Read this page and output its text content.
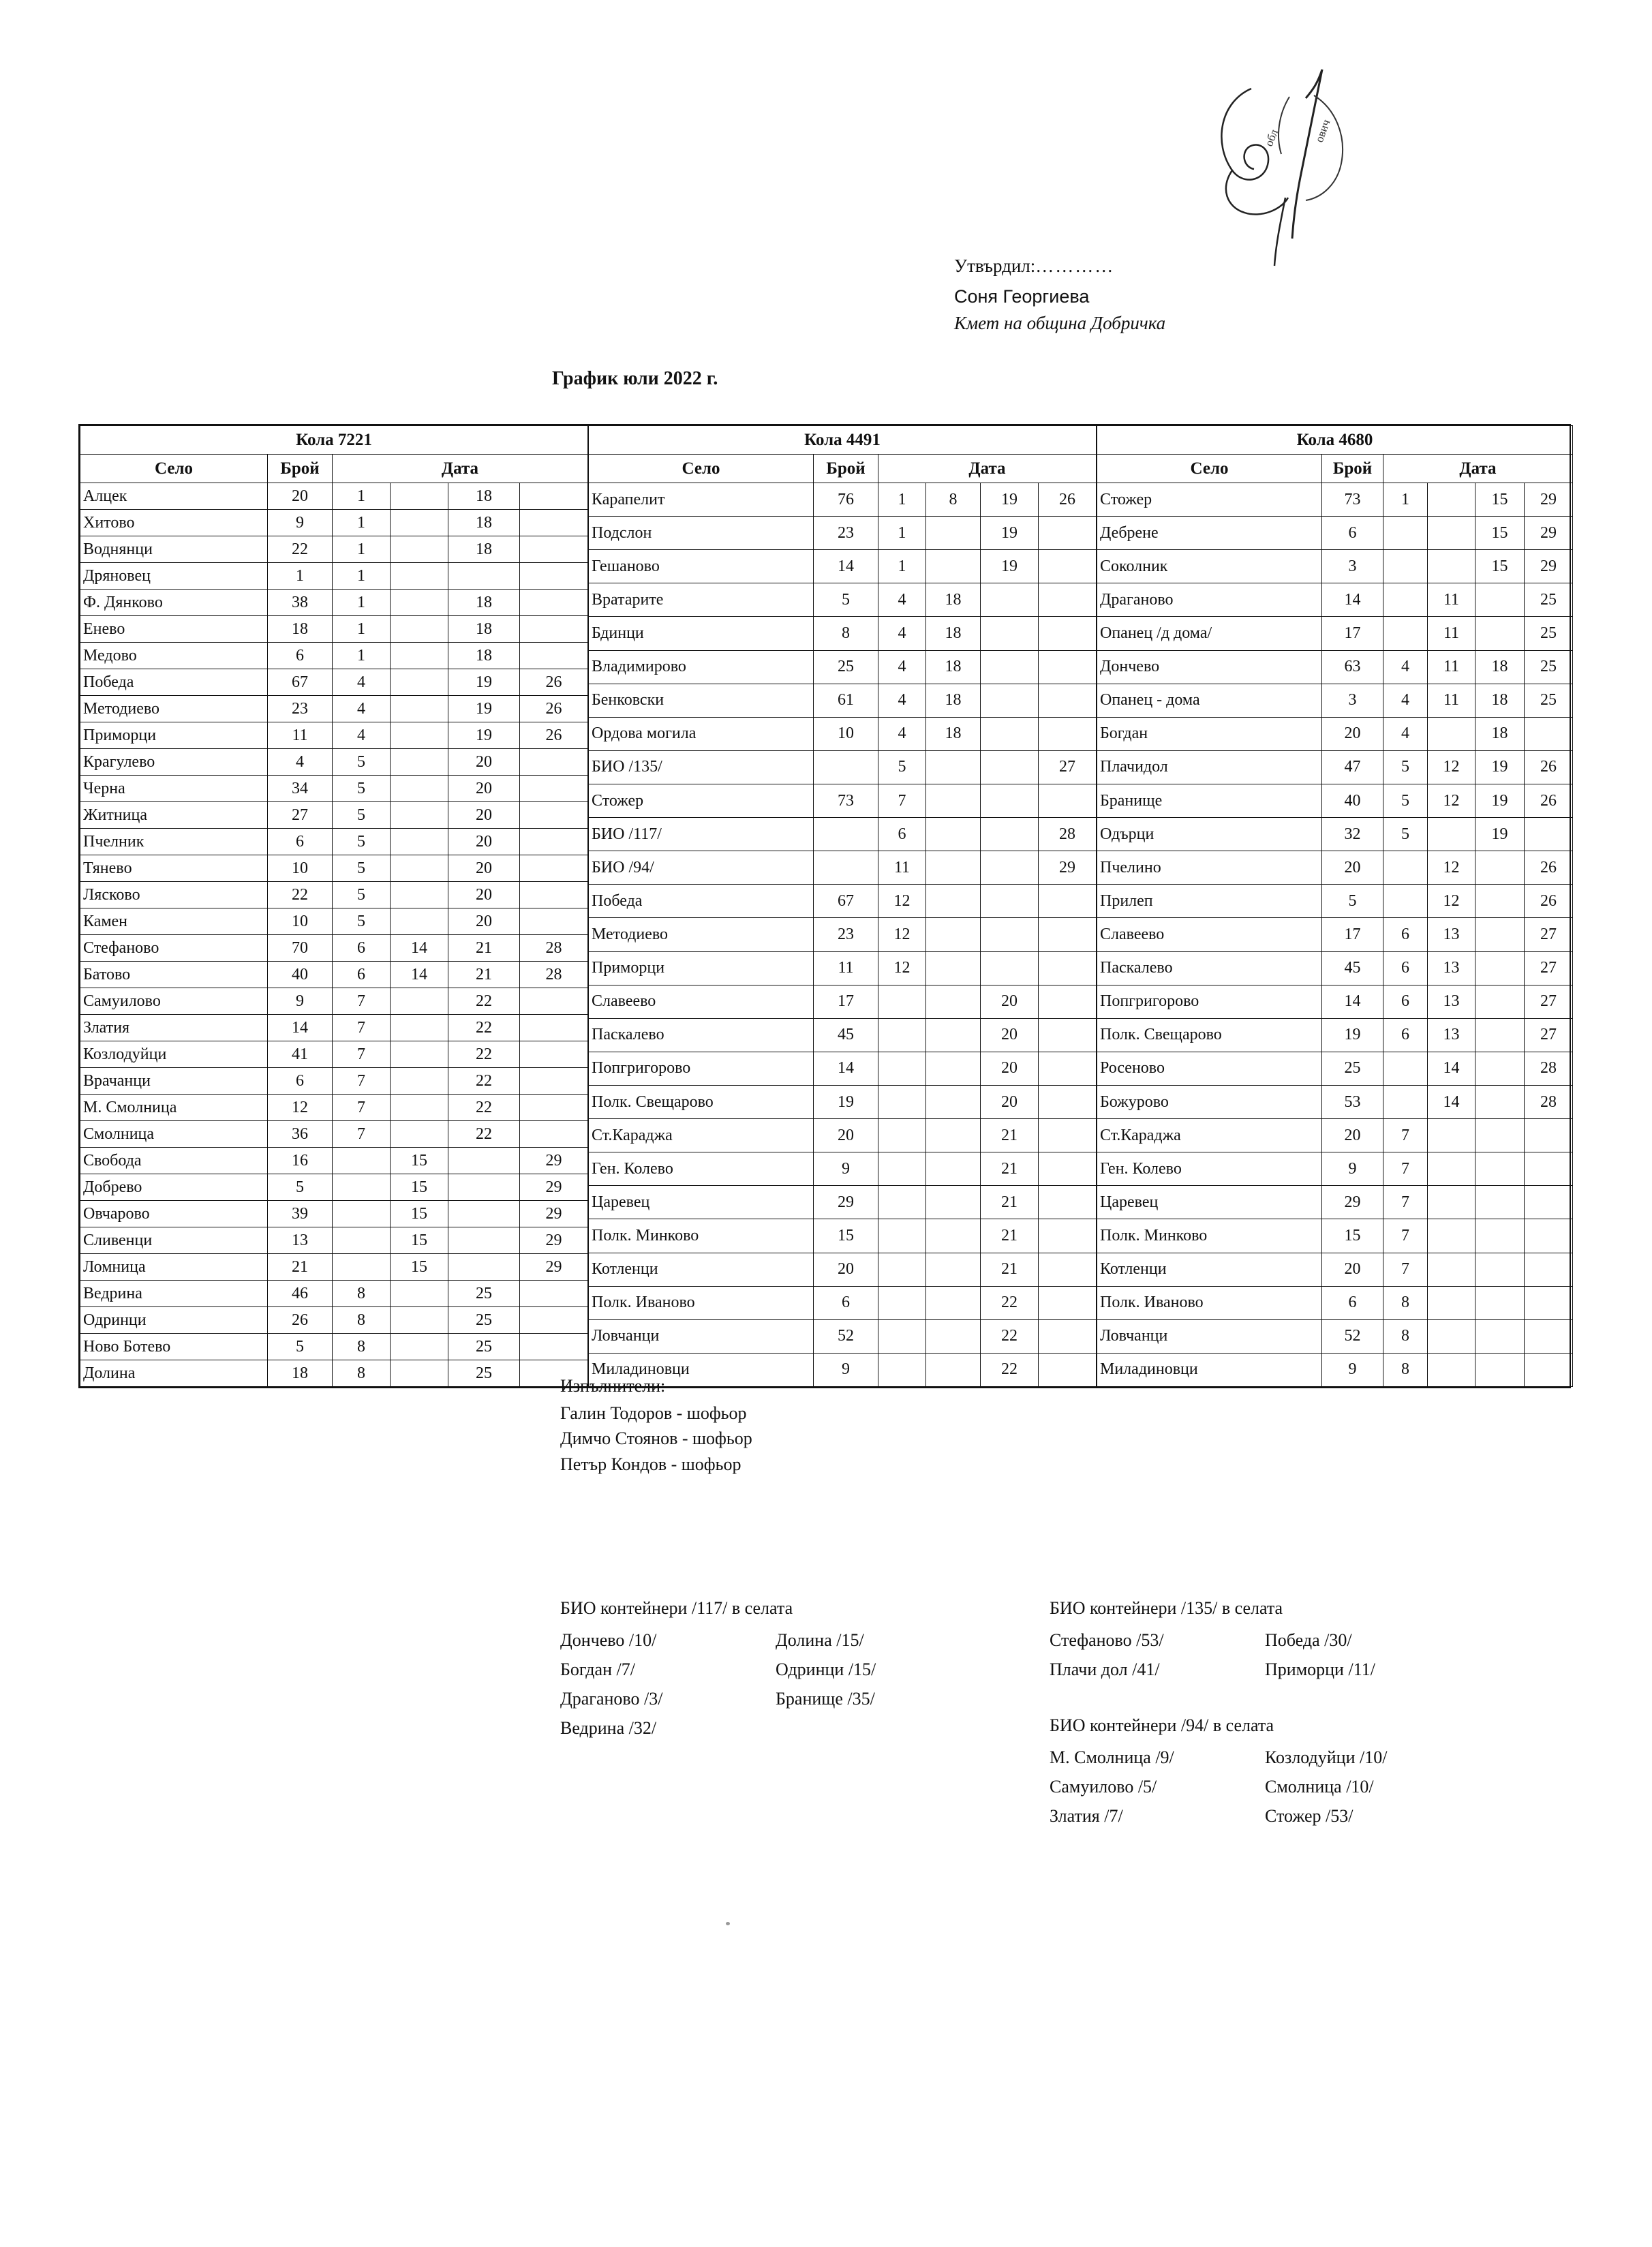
обл	ович
Утвърдил:…………
Соня Георгиева
Кмет на община Добричка
График юли 2022 г.
Кола 7221					
Село	Брой	Дата			
Алцек	20	1		18	
Хитово	9	1		18	
Воднянци	22	1		18	
Дряновец	1	1			
Ф. Дянково	38	1		18	
Енево	18	1		18	
Медово	6	1		18	
Победа	67	4		19	26
Методиево	23	4		19	26
Приморци	11	4		19	26
Крагулево	4	5		20	
Черна	34	5		20	
Житница	27	5		20	
Пчелник	6	5		20	
Тяневo	10	5		20	
Лясково	22	5		20	
Камен	10	5		20	
Стефаново	70	6	14	21	28
Батово	40	6	14	21	28
Самуилово	9	7		22	
Златия	14	7		22	
Козлодуйци	41	7		22	
Врачанци	6	7		22	
М. Смолница	12	7		22	
Смолница	36	7		22	
Свобода	16		15		29
Добрево	5		15		29
Овчарово	39		15		29
Сливенци	13		15		29
Ломница	21		15		29
Ведрина	46	8		25	
Одринци	26	8		25	
Ново Ботево	5	8		25	
Долина	18	8		25	
Кола 4491					
Село	Брой	Дата			
Карапелит	76	1	8	19	26
Подслон	23	1		19	
Гешаново	14	1		19	
Вратарите	5	4	18		
Бдинци	8	4	18		
Владимирово	25	4	18		
Бенковски	61	4	18		
Ордова могила	10	4	18		
БИО /135/		5			27
Стожер	73	7			
БИО /117/		6			28
БИО /94/		11			29
Победа	67	12			
Методиево	23	12			
Приморци	11	12			
Славеево	17			20	
Паскалево	45			20	
Попгригорово	14			20	
Полк. Свещарово	19			20	
Ст.Караджа	20			21	
Ген. Колево	9			21	
Царевец	29			21	
Полк. Минково	15			21	
Котленци	20			21	
Полк. Иваново	6			22	
Ловчанци	52			22	
Миладиновци	9			22	
Кола 4680					
Село	Брой	Дата			
Стожер	73	1		15	29
Дебрене	6			15	29
Соколник	3			15	29
Драганово	14		11		25
Опанец /д дома/	17		11		25
Дончево	63	4	11	18	25
Опанец - дома	3	4	11	18	25
Богдан	20	4		18	
Плачидол	47	5	12	19	26
Бранище	40	5	12	19	26
Одърци	32	5		19	
Пчелино	20		12		26
Прилеп	5		12		26
Славеево	17	6	13		27
Паскалево	45	6	13		27
Попгригорово	14	6	13		27
Полк. Свещарово	19	6	13		27
Росеново	25		14		28
Божурово	53		14		28
Ст.Караджа	20	7			
Ген. Колево	9	7			
Царевец	29	7			
Полк. Минково	15	7			
Котленци	20	7			
Полк. Иваново	6	8			
Ловчанци	52	8			
Миладиновци	9	8			
Изпълнители:
Галин Тодоров - шофьор
Димчо Стоянов - шофьор
Петър Кондов - шофьор
БИО контейнери /117/ в селата
Дончево /10/	Долина /15/
Богдан /7/	Одринци /15/
Драганово /3/	Бранище /35/
Ведрина /32/
БИО контейнери /135/ в селата
Стефаново /53/	Победа /30/
Плачи дол /41/	Приморци /11/
БИО контейнери /94/ в селата
М. Смолница /9/	Козлодуйци /10/
Самуилово /5/	Смолница /10/
Златия /7/	Стожер /53/
